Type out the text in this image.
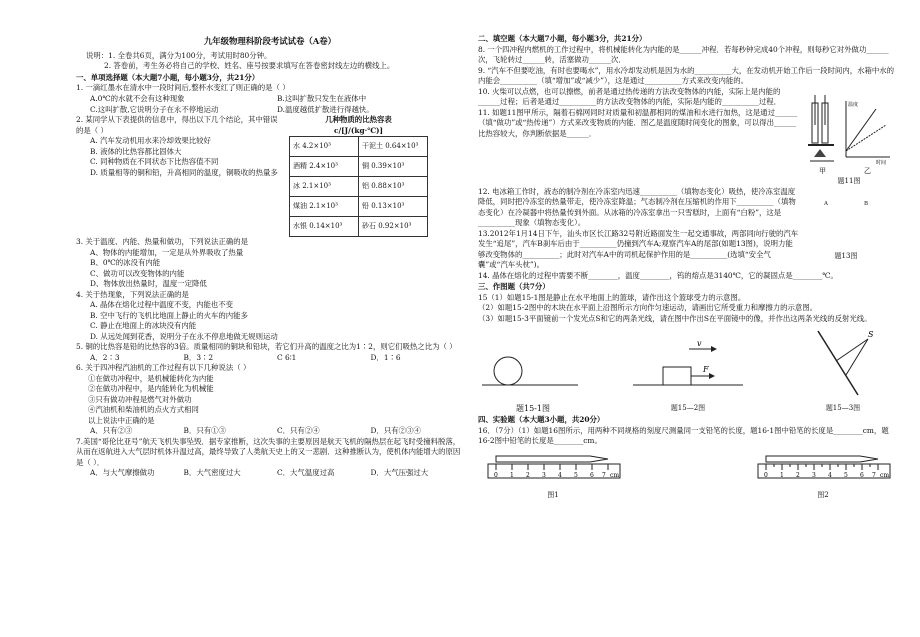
九年级物理科阶段考试试卷（A卷）
说明：1. 全卷共6页，满分为100分，考试用时80分钟。
2. 答卷前，考生务必将自己的学校、姓名、座号按要求填写在答卷密封线左边的横线上。
一、单项选择题（本大题7小题，每小题3分，共21分）
1. 一滴红墨水在清水中一段时间后,整杯水变红了则正确的是（ ）
A.0℃的水就不会有这种现象	B.这叫扩散只发生在液体中
C.这叫扩散,它说明分子在永不停地运动	D.温度越低扩散进行得越快。
2. 某同学从下表提供的信息中，得出以下几个结论，其中错误的是（ ）
A. 汽车发动机用水来冷却效果比较好
B. 液体的比热容都比固体大
C. 同种物质在不同状态下比热容值不同
D. 质量相等的铜和铅，升高相同的温度，铜吸收的热量多
几种物质的比热容表
c/[J/(kg·℃)]
水 4.2×10³	干泥土 0.64×10³
酒精 2.4×10³	铜 0.39×10³
冰 2.1×10³	铝 0.88×10³
煤油 2.1×10³	铅 0.13×10³
水银 0.14×10³	砂石 0.92×10³
3. 关于温度、内能、热量和做功，下列说法正确的是
A、物体的内能增加，一定是从外界吸收了热量
B、0℃的冰没有内能
C、做功可以改变物体的内能
D、物体放出热量时，温度一定降低
4. 关于热现象，下列说法正确的是
A. 晶体在熔化过程中温度不变，内能也不变
B. 空中飞行的飞机比地面上静止的火车的内能多
C. 静止在地面上的冰块没有内能
D. 从远处闻到花香，说明分子在永不停息地做无规则运动
5. 铜的比热容是铅的比热容的3倍。质量相同的铜块和铅块，若它们升高的温度之比为1∶2，则它们吸热之比为（ ）
A．2∶3	B．3∶2	C 6∶1	D．1∶6
6. 关于四冲程汽油机的工作过程有以下几种说法（ ）
①在做功冲程中，是机械能转化为内能
②在做功冲程中，是内能转化为机械能
③只有做功冲程是燃气对外做功
④汽油机和柴油机的点火方式相同
以上说法中正确的是
A．只有②③	B．只有①③	C．只有②④	D．只有②③④
7.美国“哥伦比亚号”航天飞机失事坠毁．据专家推断，这次失事的主要原因是航天飞机的隔热层在起飞时受撞料脱落，从而在返航进入大气层时机体升温过高，最终导致了人类航天史上的又一悲剧．这种推断认为，使机体内能增大的原因是（ ）．
A．与大气摩擦做功	B．大气密度过大	C．大气温度过高	D．大气压强过大
二、填空题（本大题7小题，每小题3分，共21分）
8. 一个四冲程内燃机的工作过程中，将机械能转化为内能的是______冲程．若每秒钟完成40个冲程，则每秒它对外做功______次，飞轮转过______转，活塞做功______次．
9. “汽车不但要吃油，有时也要喝水”，用水冷却发动机是因为水的__________大，在发动机开始工作后一段时间内，水箱中水的内能会__________（填“增加”或“减少”），这是通过__________方式来改变内能的。
10. 火柴可以点燃，也可以擦燃，前者是通过热传递的方法改变物体的内能，实际上是内能的______过程；后者是通过__________的方法改变物体的内能，实际是内能的__________过程．
11. 如题11图甲所示，隔着石棉网同时对质量和初温都相同的煤油和水进行加热，这是通过______（填“做功”或“热传递”）方式来改变物质的内能．图乙是温度随时间变化的图象，可以得出______比热容较大，你判断依据是______．
甲	乙
温度
时间
题11图
12. 电冰箱工作时，液态的制冷剂在冷冻室内迅速__________（填物态变化）吸热，使冷冻室温度降低，同时把冷冻室的热量带走，使冷冻室降温；气态制冷剂在压缩机的作用下__________（填物态变化）在冷凝器中将热量传到外面。从冰箱的冷冻室拿出一只雪糕时，上面有“白粉”，这是__________现象（填物态变化）。
13.2012年1月14日下午，汕头市区长江路32号附近路面发生一起交通事故，两部同向行驶的汽车发生“追尾”，汽车B刹车后由于__________仍撞到汽车A;观察汽车A的尾部(如题13图)，说明力能够改变物体的__________；此时对汽车A中的司机起保护作用的是__________(选填“安全气囊”或“汽车头枕”)。
A	B
题13图
14. 晶体在熔化的过程中需要不断________，温度________，钨的熔点是3140℃，它的凝固点是________℃。
三、作图题（共7分）
15（1）如题15-1图是静止在水平地面上的篮球，请作出这个篮球受力的示意图。
（2）如题15-2图中的木块在水平面上沿图所示方向作匀速运动，请画出它所受重力和摩擦力的示意图。
（3）如题15-3平面镜前一个发光点S和它的两条光线，请在图中作出S在平面镜中的像，并作出这两条光线的反射光线。
题15-1图
v
F
题15—2图
S
题15—3图
四、实验题（本大题3小题，共20分）
16．（7分）（1）如题16图所示，用两种不同规格的刻度尺测量同一支铅笔的长度，题16-1图中铅笔的长度是________cm，题16-2图中铅笔的长度是________cm。
0 1 2 3 4 5 6 7 cm
图1
0 1 2 3 4 5 6 7 cm
图2
